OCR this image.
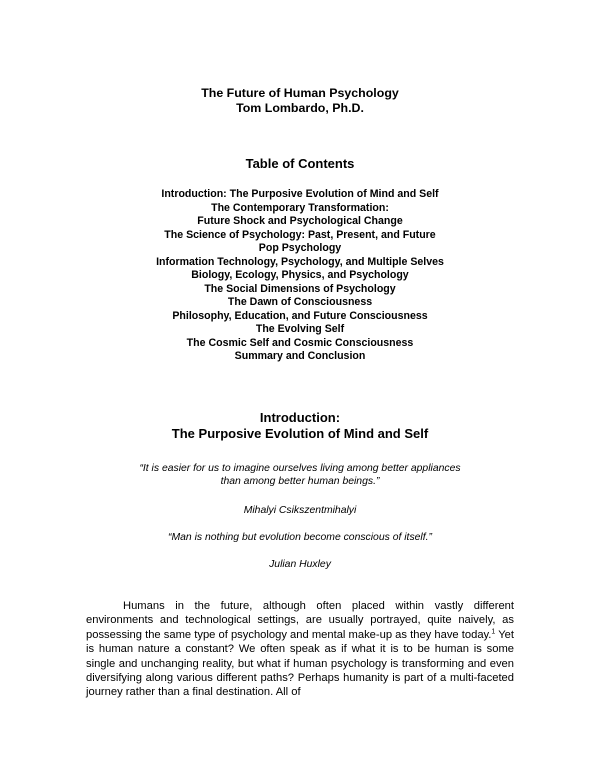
The Future of Human Psychology
Tom Lombardo, Ph.D.
Table of Contents
Introduction: The Purposive Evolution of Mind and Self
The Contemporary Transformation:
Future Shock and Psychological Change
The Science of Psychology: Past, Present, and Future
Pop Psychology
Information Technology, Psychology, and Multiple Selves
Biology, Ecology, Physics, and Psychology
The Social Dimensions of Psychology
The Dawn of Consciousness
Philosophy, Education, and Future Consciousness
The Evolving Self
The Cosmic Self and Cosmic Consciousness
Summary and Conclusion
Introduction:
The Purposive Evolution of Mind and Self
“It is easier for us to imagine ourselves living among better appliances
than among better human beings.”
Mihalyi Csikszentmihalyi
“Man is nothing but evolution become conscious of itself.”
Julian Huxley

Humans in the future, although often placed within vastly different environments and technological settings, are usually portrayed, quite naively, as possessing the same type of psychology and mental make-up as they have today.$^1$ Yet is human nature a constant? We often speak as if what it is to be human is some single and unchanging reality, but what if human psychology is transforming and even diversifying along various different paths? Perhaps humanity is part of a multi-faceted journey rather than a final destination. All of
